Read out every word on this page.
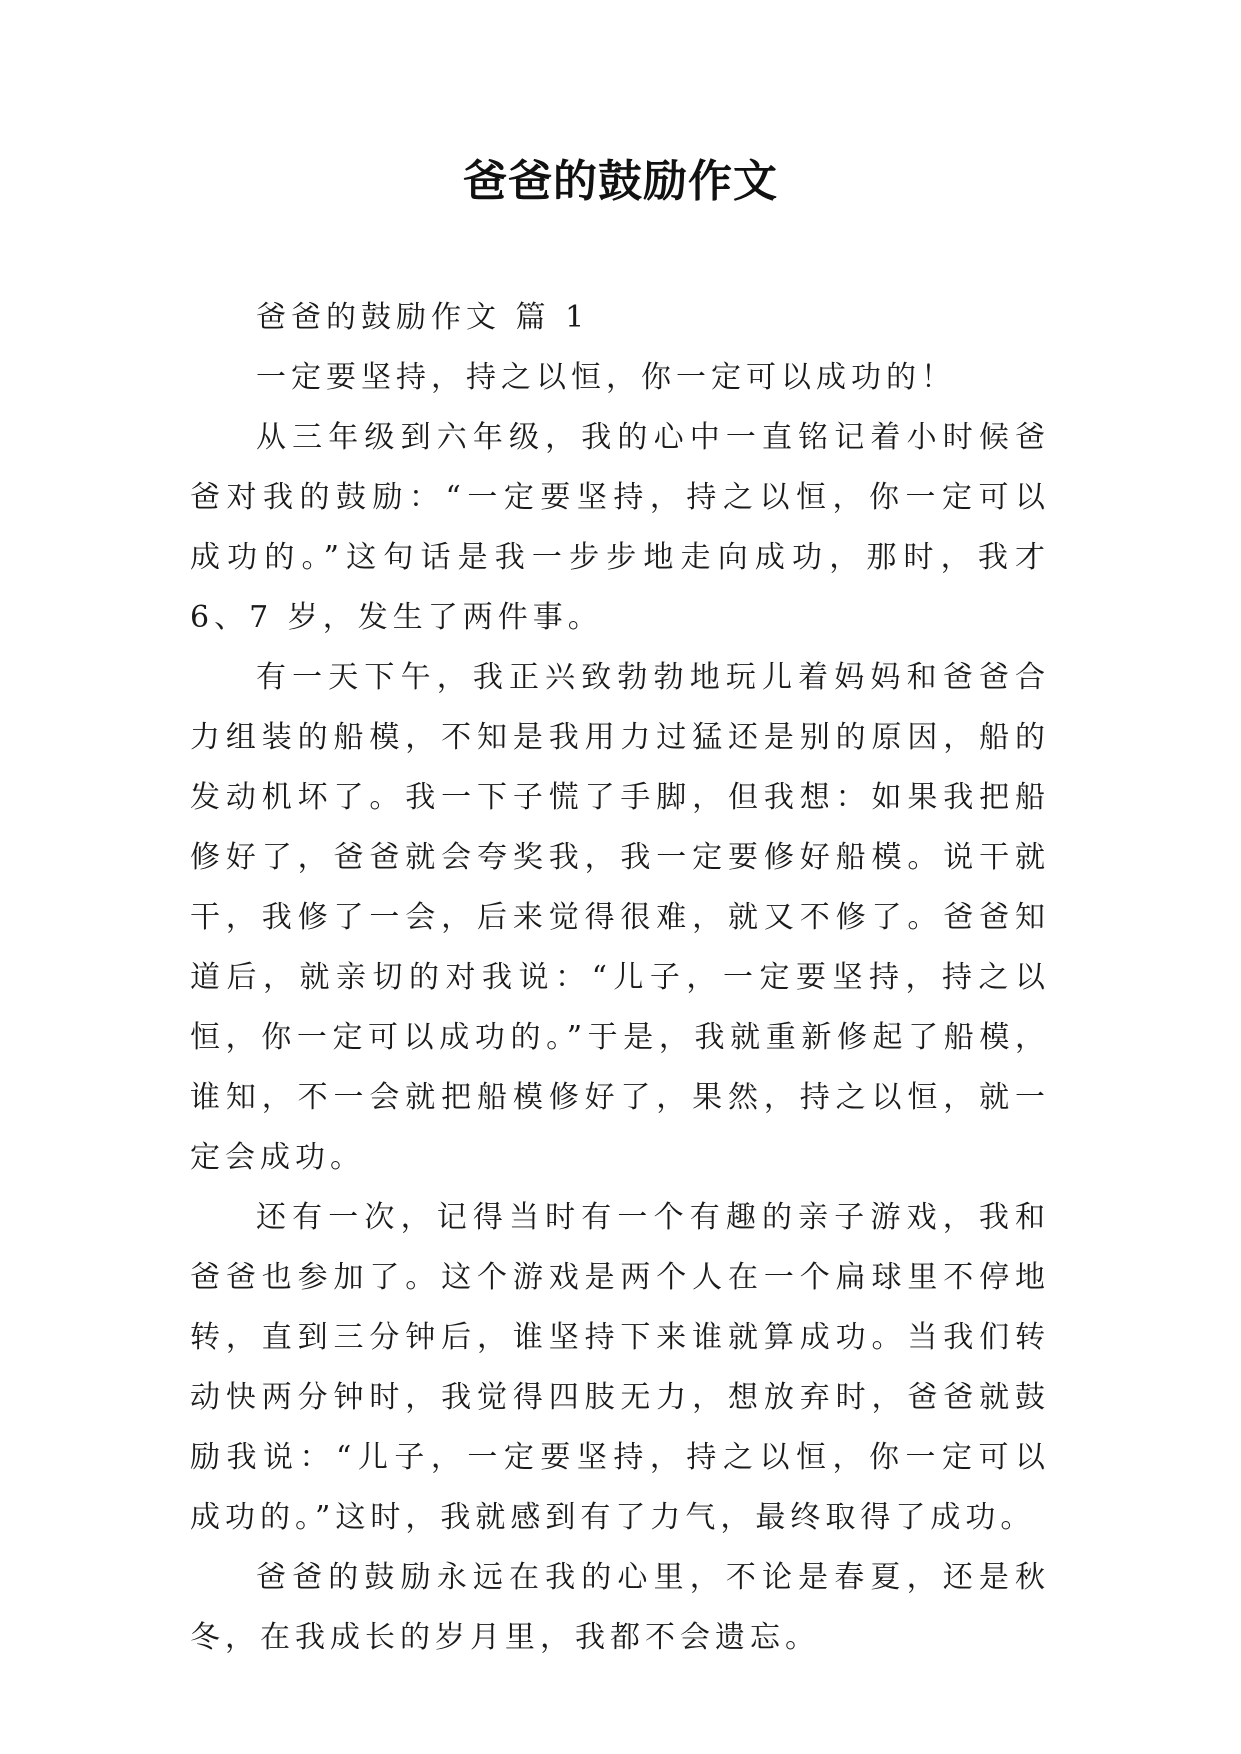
爸爸的鼓励作文

爸爸的鼓励作文 篇 1

一定要坚持，持之以恒，你一定可以成功的！

从三年级到六年级，我的心中一直铭记着小时候爸爸对我的鼓励：“一定要坚持，持之以恒，你一定可以成功的。”这句话是我一步步地走向成功，那时，我才 6、7 岁，发生了两件事。

有一天下午，我正兴致勃勃地玩儿着妈妈和爸爸合力组装的船模，不知是我用力过猛还是别的原因，船的发动机坏了。我一下子慌了手脚，但我想：如果我把船修好了，爸爸就会夸奖我，我一定要修好船模。说干就干，我修了一会，后来觉得很难，就又不修了。爸爸知道后，就亲切的对我说：“儿子，一定要坚持，持之以恒，你一定可以成功的。”于是，我就重新修起了船模，谁知，不一会就把船模修好了，果然，持之以恒，就一定会成功。

还有一次，记得当时有一个有趣的亲子游戏，我和爸爸也参加了。这个游戏是两个人在一个扁球里不停地转，直到三分钟后，谁坚持下来谁就算成功。当我们转动快两分钟时，我觉得四肢无力，想放弃时，爸爸就鼓励我说：“儿子，一定要坚持，持之以恒，你一定可以成功的。”这时，我就感到有了力气，最终取得了成功。

爸爸的鼓励永远在我的心里，不论是春夏，还是秋冬，在我成长的岁月里，我都不会遗忘。
